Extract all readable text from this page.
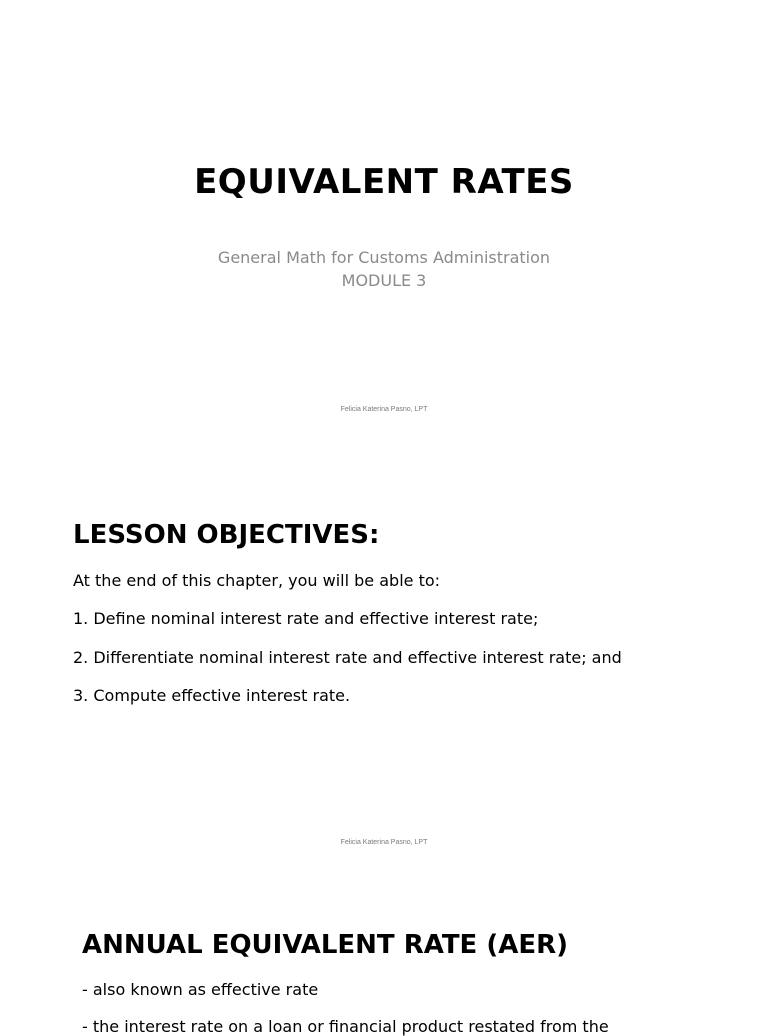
EQUIVALENT RATES

General Math for Customs Administration

MODULE 3

Felicia Katerina Pasno, LPT

LESSON OBJECTIVES:

At the end of this chapter, you will be able to:

1. Define nominal interest rate and effective interest rate;

2. Differentiate nominal interest rate and effective interest rate; and

3. Compute effective interest rate.

Felicia Katerina Pasno, LPT

ANNUAL EQUIVALENT RATE (AER)

- also known as effective rate

- the interest rate on a loan or financial product restated from the
